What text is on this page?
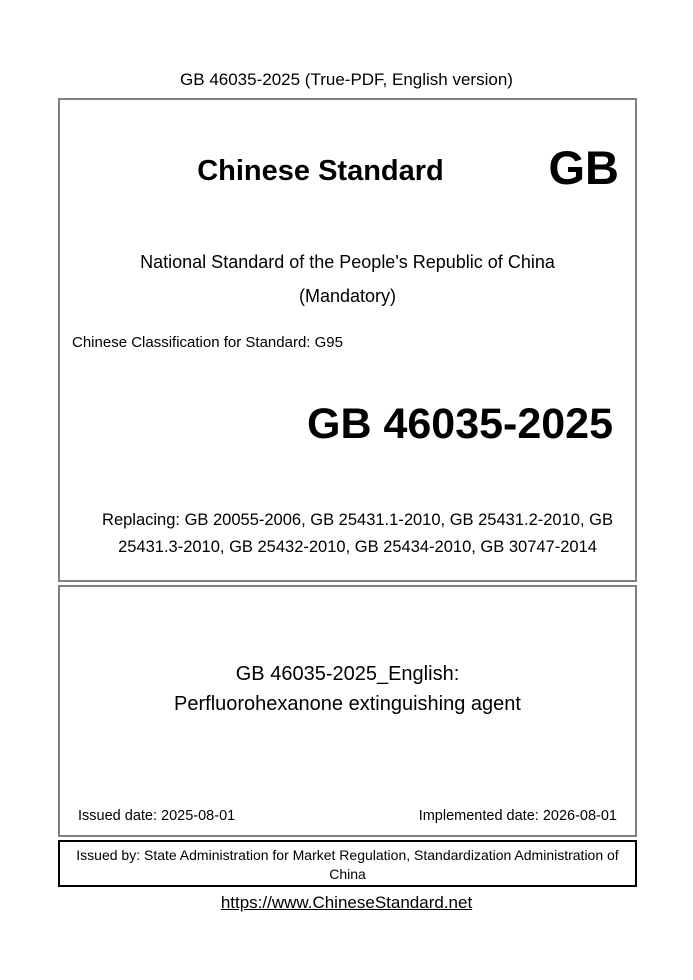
GB 46035-2025 (True-PDF, English version)
Chinese Standard	GB
National Standard of the People's Republic of China
(Mandatory)
Chinese Classification for Standard: G95
GB 46035-2025
Replacing: GB 20055-2006, GB 25431.1-2010, GB 25431.2-2010, GB
25431.3-2010, GB 25432-2010, GB 25434-2010, GB 30747-2014
GB 46035-2025_English:
Perfluorohexanone extinguishing agent
Issued date: 2025-08-01	Implemented date: 2026-08-01
Issued by: State Administration for Market Regulation, Standardization Administration of
China
https://www.ChineseStandard.net
